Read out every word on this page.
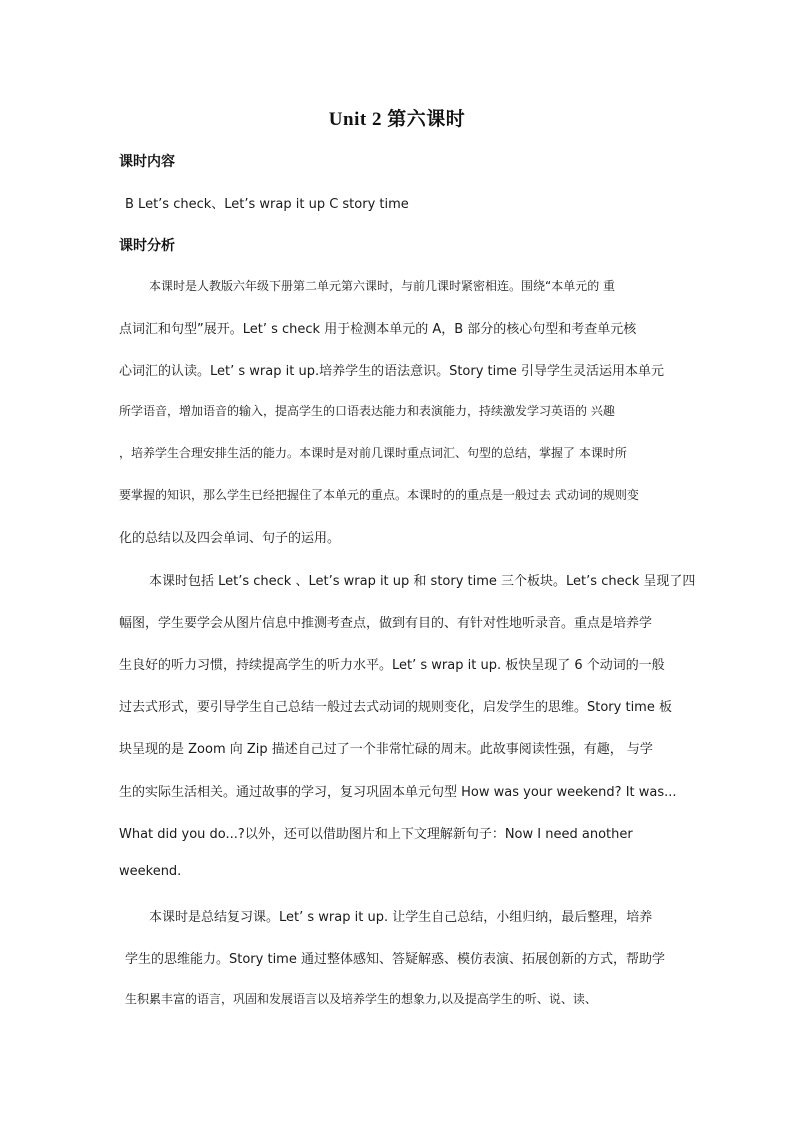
Unit 2 第六课时
课时内容
B Let’s check、Let’s wrap it up C story time
课时分析
本课时是人教版六年级下册第二单元第六课时，与前几课时紧密相连。围绕“本单元的 重
点词汇和句型”展开。Let’ s check 用于检测本单元的 A，B 部分的核心句型和考查单元核
心词汇的认读。Let’ s wrap it up.培养学生的语法意识。Story time 引导学生灵活运用本单元
所学语音，增加语音的输入，提高学生的口语表达能力和表演能力，持续激发学习英语的 兴趣
，培养学生合理安排生活的能力。本课时是对前几课时重点词汇、句型的总结，掌握了 本课时所
要掌握的知识，那么学生已经把握住了本单元的重点。本课时的的重点是一般过去 式动词的规则变
化的总结以及四会单词、句子的运用。
本课时包括 Let’s check 、Let’s wrap it up 和 story time 三个板块。Let’s check 呈现了四
幅图，学生要学会从图片信息中推测考查点，做到有目的、有针对性地听录音。重点是培养学
生良好的听力习惯，持续提高学生的听力水平。Let’ s wrap it up. 板快呈现了 6 个动词的一般
过去式形式，要引导学生自己总结一般过去式动词的规则变化，启发学生的思维。Story time 板
块呈现的是 Zoom 向 Zip 描述自己过了一个非常忙碌的周末。此故事阅读性强，有趣， 与学
生的实际生活相关。通过故事的学习，复习巩固本单元句型 How was your weekend? It was...
What did you do...?以外，还可以借助图片和上下文理解新句子：Now I need another
weekend.
本课时是总结复习课。Let’ s wrap it up. 让学生自己总结，小组归纳，最后整理，培养
学生的思维能力。Story time 通过整体感知、答疑解惑、模仿表演、拓展创新的方式，帮助学
生积累丰富的语言，巩固和发展语言以及培养学生的想象力,以及提高学生的听、说、读、
